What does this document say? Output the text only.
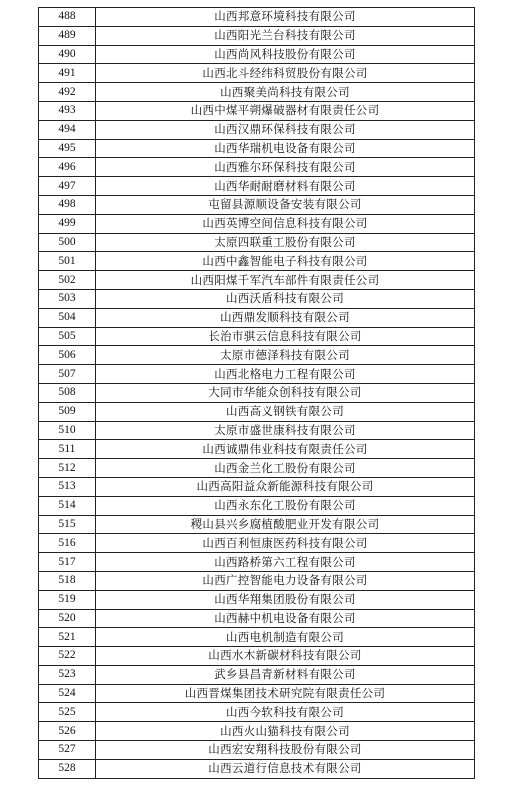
488	山西邦意环境科技有限公司
489	山西阳光兰台科技有限公司
490	山西尚风科技股份有限公司
491	山西北斗经纬科贸股份有限公司
492	山西聚美尚科技有限公司
493	山西中煤平朔爆破器材有限责任公司
494	山西汉鼎环保科技有限公司
495	山西华瑞机电设备有限公司
496	山西雅尔环保科技有限公司
497	山西华耐耐磨材料有限公司
498	屯留县源顺设备安装有限公司
499	山西英博空间信息科技有限公司
500	太原四联重工股份有限公司
501	山西中鑫智能电子科技有限公司
502	山西阳煤千军汽车部件有限责任公司
503	山西沃盾科技有限公司
504	山西鼎发顺科技有限公司
505	长治市骐云信息科技有限公司
506	太原市德泽科技有限公司
507	山西北格电力工程有限公司
508	大同市华能众创科技有限公司
509	山西高义钢铁有限公司
510	太原市盛世康科技有限公司
511	山西诚鼎伟业科技有限责任公司
512	山西金兰化工股份有限公司
513	山西高阳益众新能源科技有限公司
514	山西永东化工股份有限公司
515	稷山县兴乡腐植酸肥业开发有限公司
516	山西百利恒康医药科技有限公司
517	山西路桥第六工程有限公司
518	山西广控智能电力设备有限公司
519	山西华翔集团股份有限公司
520	山西赫中机电设备有限公司
521	山西电机制造有限公司
522	山西水木新碳材科技有限公司
523	武乡县昌青新材料有限公司
524	山西晋煤集团技术研究院有限责任公司
525	山西今软科技有限公司
526	山西火山猫科技有限公司
527	山西宏安翔科技股份有限公司
528	山西云道行信息技术有限公司
